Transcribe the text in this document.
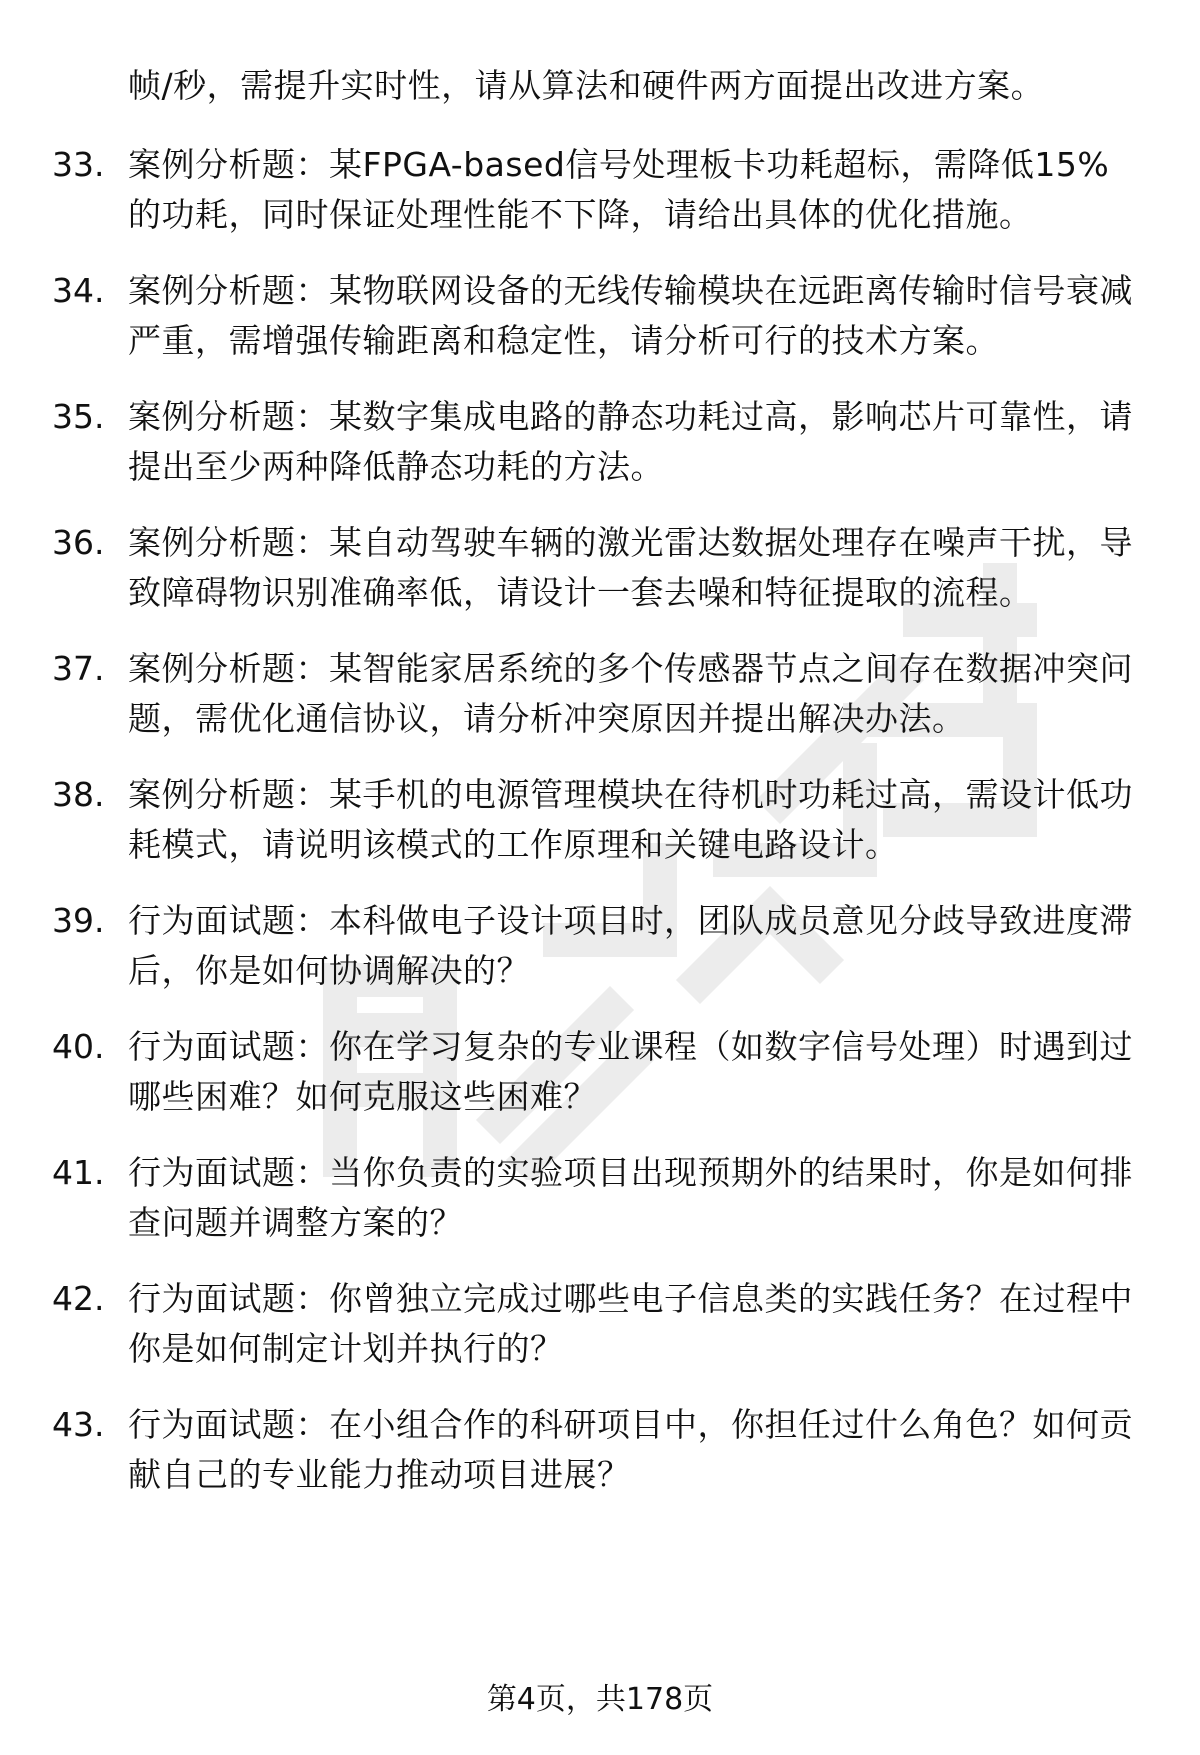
帧/秒，需提升实时性，请从算法和硬件两方面提出改进方案。
33. 案例分析题：某FPGA-based信号处理板卡功耗超标，需降低15%的功耗，同时保证处理性能不下降，请给出具体的优化措施。
34. 案例分析题：某物联网设备的无线传输模块在远距离传输时信号衰减严重，需增强传输距离和稳定性，请分析可行的技术方案。
35. 案例分析题：某数字集成电路的静态功耗过高，影响芯片可靠性，请提出至少两种降低静态功耗的方法。
36. 案例分析题：某自动驾驶车辆的激光雷达数据处理存在噪声干扰，导致障碍物识别准确率低，请设计一套去噪和特征提取的流程。
37. 案例分析题：某智能家居系统的多个传感器节点之间存在数据冲突问题，需优化通信协议，请分析冲突原因并提出解决办法。
38. 案例分析题：某手机的电源管理模块在待机时功耗过高，需设计低功耗模式，请说明该模式的工作原理和关键电路设计。
39. 行为面试题：本科做电子设计项目时，团队成员意见分歧导致进度滞后，你是如何协调解决的？
40. 行为面试题：你在学习复杂的专业课程（如数字信号处理）时遇到过哪些困难？如何克服这些困难？
41. 行为面试题：当你负责的实验项目出现预期外的结果时，你是如何排查问题并调整方案的？
42. 行为面试题：你曾独立完成过哪些电子信息类的实践任务？在过程中你是如何制定计划并执行的？
43. 行为面试题：在小组合作的科研项目中，你担任过什么角色？如何贡献自己的专业能力推动项目进展？
第4页，共178页
